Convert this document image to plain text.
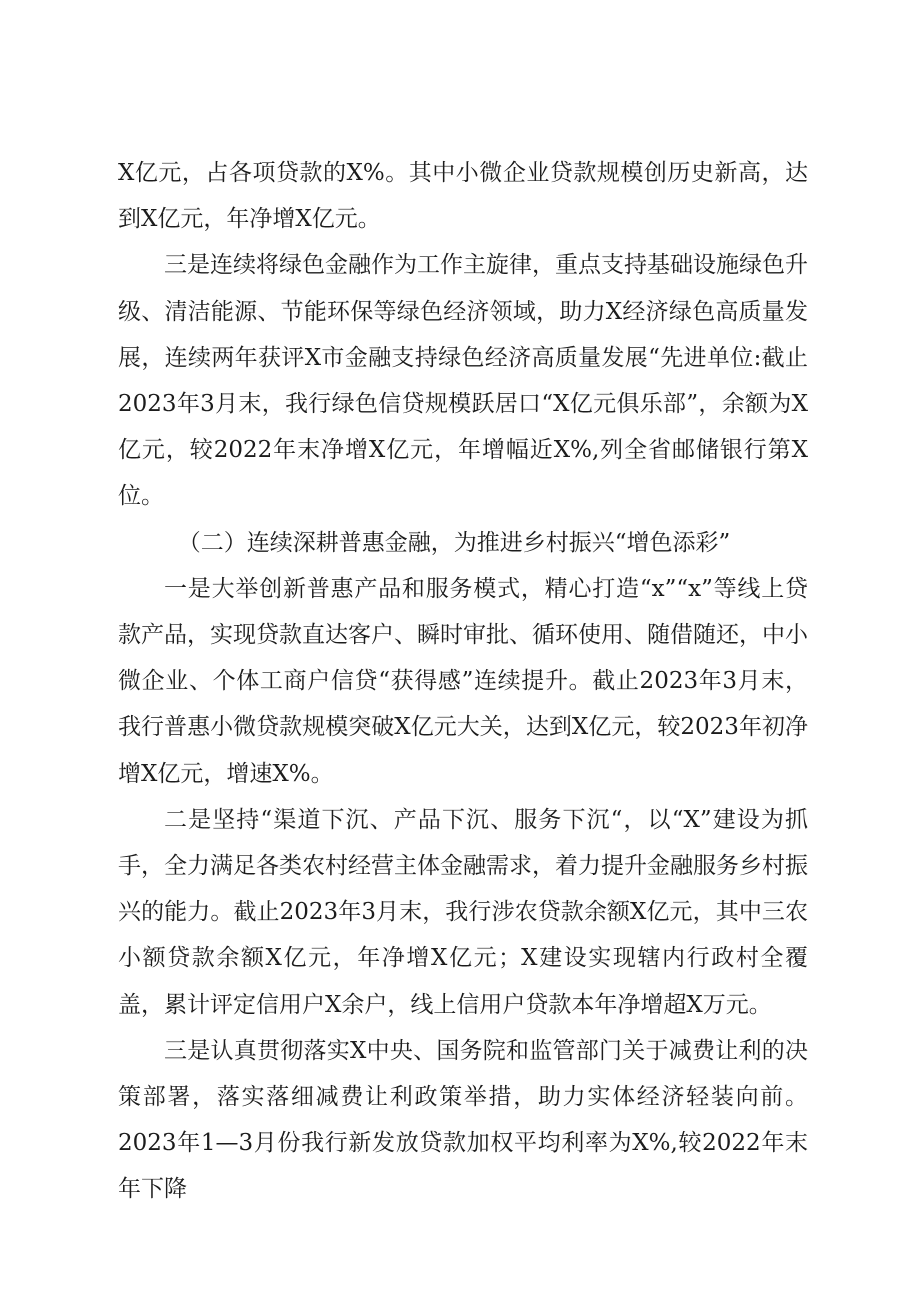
X亿元，占各项贷款的X%。其中小微企业贷款规模创历史新高，达到X亿元，年净增X亿元。

三是连续将绿色金融作为工作主旋律，重点支持基础设施绿色升级、清洁能源、节能环保等绿色经济领域，助力X经济绿色高质量发展，连续两年获评X市金融支持绿色经济高质量发展“先进单位:截止2023年3月末，我行绿色信贷规模跃居口“X亿元俱乐部”，余额为X亿元，较2022年末净增X亿元，年增幅近X%,列全省邮储银行第X位。

（二）连续深耕普惠金融，为推进乡村振兴“增色添彩”

一是大举创新普惠产品和服务模式，精心打造“x”“x”等线上贷款产品，实现贷款直达客户、瞬时审批、循环使用、随借随还，中小微企业、个体工商户信贷“获得感”连续提升。截止2023年3月末，我行普惠小微贷款规模突破X亿元大关，达到X亿元，较2023年初净增X亿元，增速X%。

二是坚持“渠道下沉、产品下沉、服务下沉“，以“X”建设为抓手，全力满足各类农村经营主体金融需求，着力提升金融服务乡村振兴的能力。截止2023年3月末，我行涉农贷款余额X亿元，其中三农小额贷款余额X亿元，年净增X亿元；X建设实现辖内行政村全覆盖，累计评定信用户X余户，线上信用户贷款本年净增超X万元。

三是认真贯彻落实X中央、国务院和监管部门关于减费让利的决策部署，落实落细减费让利政策举措，助力实体经济轻装向前。2023年1—3月份我行新发放贷款加权平均利率为X%,较2022年末年下降
